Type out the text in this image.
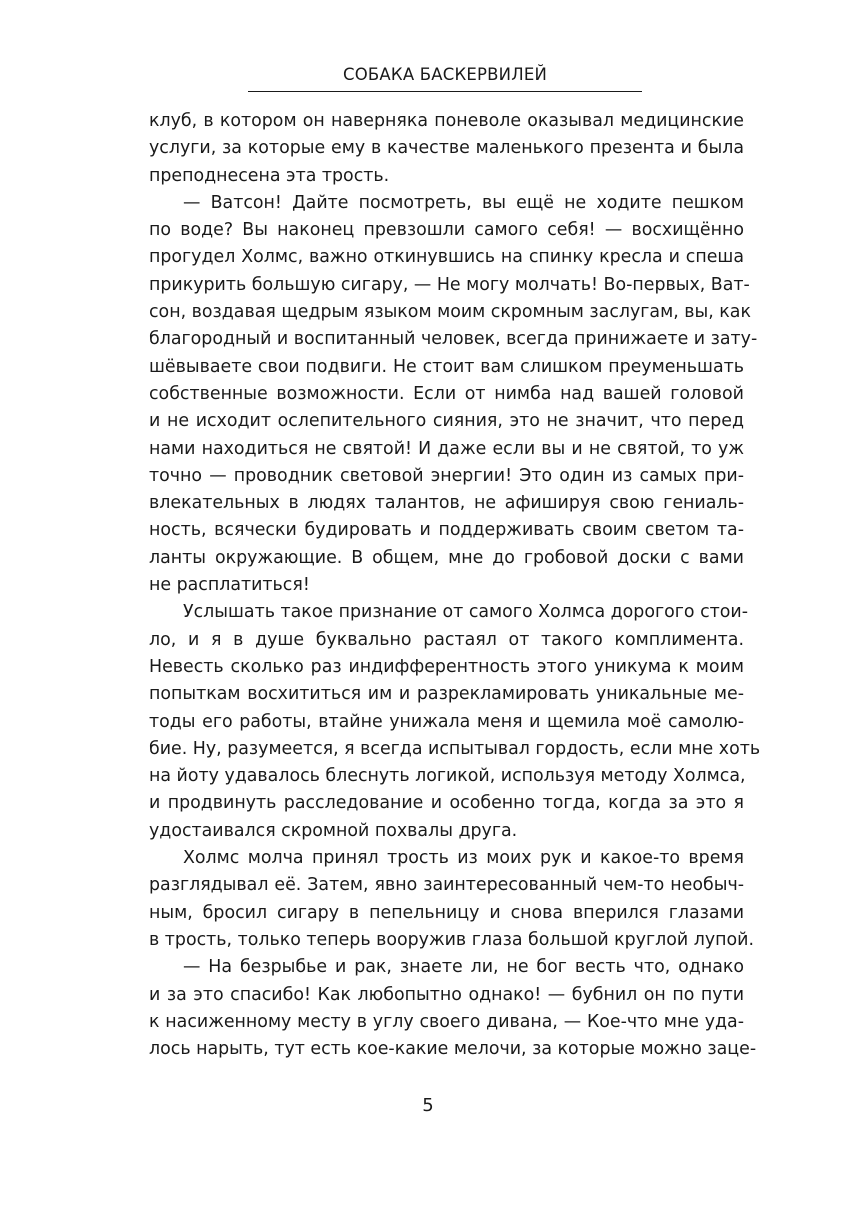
СОБАКА БАСКЕРВИЛЕЙ
клуб, в котором он наверняка поневоле оказывал медицинские
услуги, за которые ему в качестве маленького презента и была
преподнесена эта трость.
— Ватсон! Дайте посмотреть, вы ещё не ходите пешком
по воде? Вы наконец превзошли самого себя! — восхищённо
прогудел Холмс, важно откинувшись на спинку кресла и спеша
прикурить большую сигару, — Не могу молчать! Во-первых, Ват-
сон, воздавая щедрым языком моим скромным заслугам, вы, как
благородный и воспитанный человек, всегда принижаете и зату-
шёвываете свои подвиги. Не стоит вам слишком преуменьшать
собственные возможности. Если от нимба над вашей головой
и не исходит ослепительного сияния, это не значит, что перед
нами находиться не святой! И даже если вы и не святой, то уж
точно — проводник световой энергии! Это один из самых при-
влекательных в людях талантов, не афишируя свою гениаль-
ность, всячески будировать и поддерживать своим светом та-
ланты окружающие. В общем, мне до гробовой доски с вами
не расплатиться!
Услышать такое признание от самого Холмса дорогого стои-
ло, и я в душе буквально растаял от такого комплимента.
Невесть сколько раз индифферентность этого уникума к моим
попыткам восхититься им и разрекламировать уникальные ме-
тоды его работы, втайне унижала меня и щемила моё самолю-
бие. Ну, разумеется, я всегда испытывал гордость, если мне хоть
на йоту удавалось блеснуть логикой, используя методу Холмса,
и продвинуть расследование и особенно тогда, когда за это я
удостаивался скромной похвалы друга.
Холмс молча принял трость из моих рук и какое-то время
разглядывал её. Затем, явно заинтересованный чем-то необыч-
ным, бросил сигару в пепельницу и снова вперился глазами
в трость, только теперь вооружив глаза большой круглой лупой.
— На безрыбье и рак, знаете ли, не бог весть что, однако
и за это спасибо! Как любопытно однако! — бубнил он по пути
к насиженному месту в углу своего дивана, — Кое-что мне уда-
лось нарыть, тут есть кое-какие мелочи, за которые можно заце-
5
